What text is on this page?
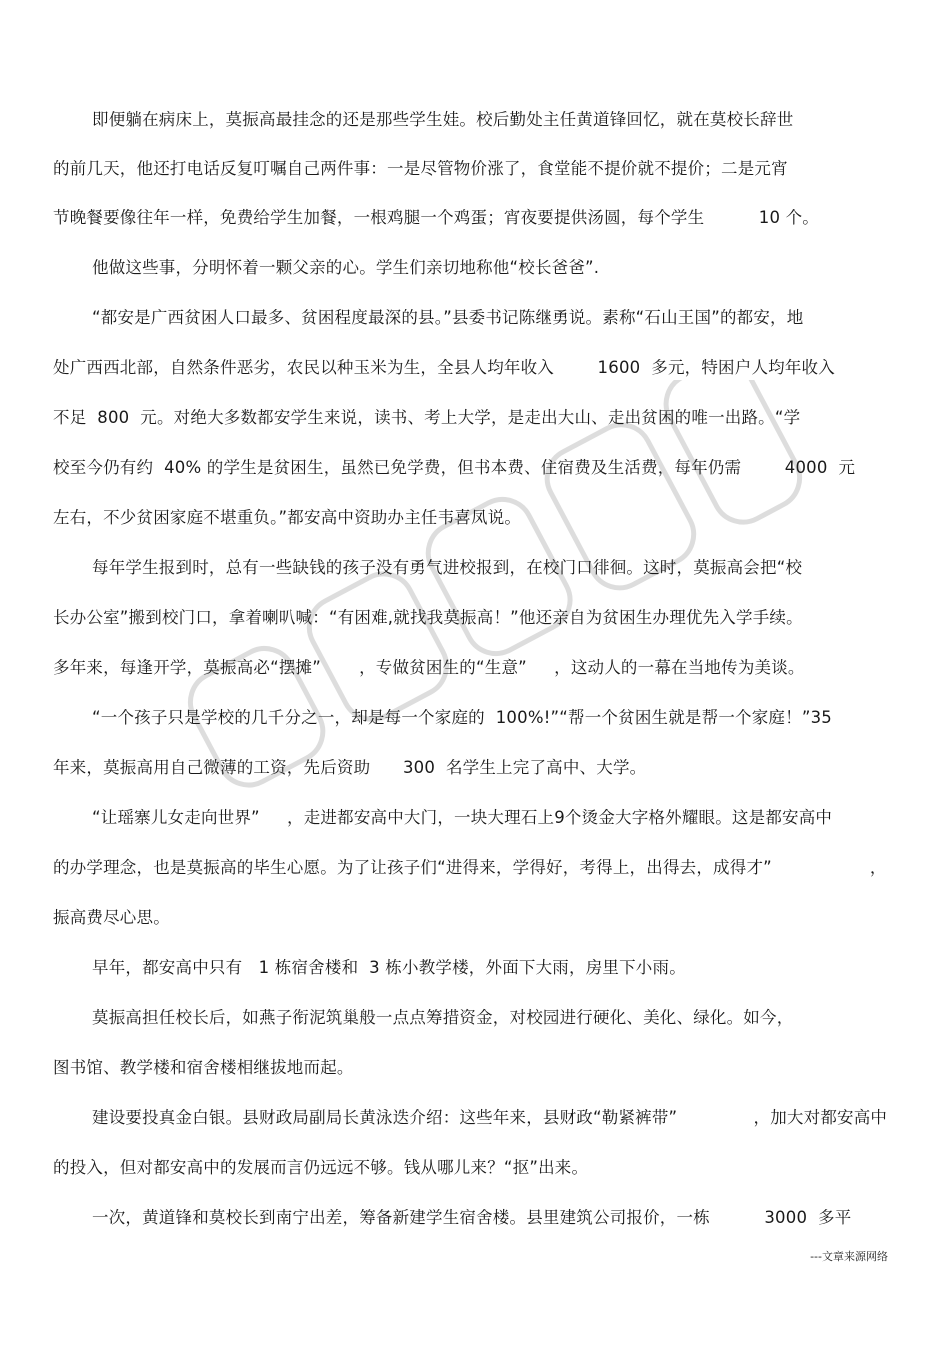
即便躺在病床上，莫振高最挂念的还是那些学生娃。校后勤处主任黄道锋回忆，就在莫校长辞世
的前几天，他还打电话反复叮嘱自己两件事：一是尽管物价涨了，食堂能不提价就不提价；二是元宵
节晚餐要像往年一样，免费给学生加餐，一根鸡腿一个鸡蛋；宵夜要提供汤圆，每个学生          10 个。
他做这些事，分明怀着一颗父亲的心。学生们亲切地称他“校长爸爸”.
“都安是广西贫困人口最多、贫困程度最深的县。”县委书记陈继勇说。素称“石山王国”的都安，地
处广西西北部，自然条件恶劣，农民以种玉米为生，全县人均年收入        1600  多元，特困户人均年收入
不足  800  元。对绝大多数都安学生来说，读书、考上大学，是走出大山、走出贫困的唯一出路。“学
校至今仍有约  40% 的学生是贫困生，虽然已免学费，但书本费、住宿费及生活费，每年仍需        4000  元
左右，不少贫困家庭不堪重负。”都安高中资助办主任韦喜凤说。
每年学生报到时，总有一些缺钱的孩子没有勇气进校报到，在校门口徘徊。这时，莫振高会把“校
长办公室”搬到校门口，拿着喇叭喊：“有困难,就找我莫振高！”他还亲自为贫困生办理优先入学手续。
多年来，每逢开学，莫振高必“摆摊”       ，专做贫困生的“生意”     ，这动人的一幕在当地传为美谈。
“一个孩子只是学校的几千分之一，却是每一个家庭的  100%!”“帮一个贫困生就是帮一个家庭！”35
年来，莫振高用自己微薄的工资，先后资助      300  名学生上完了高中、大学。
“让瑶寨儿女走向世界”     ，走进都安高中大门，一块大理石上9个烫金大字格外耀眼。这是都安高中
的办学理念，也是莫振高的毕生心愿。为了让孩子们“进得来，学得好，考得上，出得去，成得才”                  ，
振高费尽心思。
早年，都安高中只有   1 栋宿舍楼和  3 栋小教学楼，外面下大雨，房里下小雨。
莫振高担任校长后，如燕子衔泥筑巢般一点点筹措资金，对校园进行硬化、美化、绿化。如今，
图书馆、教学楼和宿舍楼相继拔地而起。
建设要投真金白银。县财政局副局长黄泳迭介绍：这些年来，县财政“勒紧裤带”              ，加大对都安高中
的投入，但对都安高中的发展而言仍远远不够。钱从哪儿来？“抠”出来。
一次，黄道锋和莫校长到南宁出差，筹备新建学生宿舍楼。县里建筑公司报价，一栋          3000  多平
---文章来源网络
